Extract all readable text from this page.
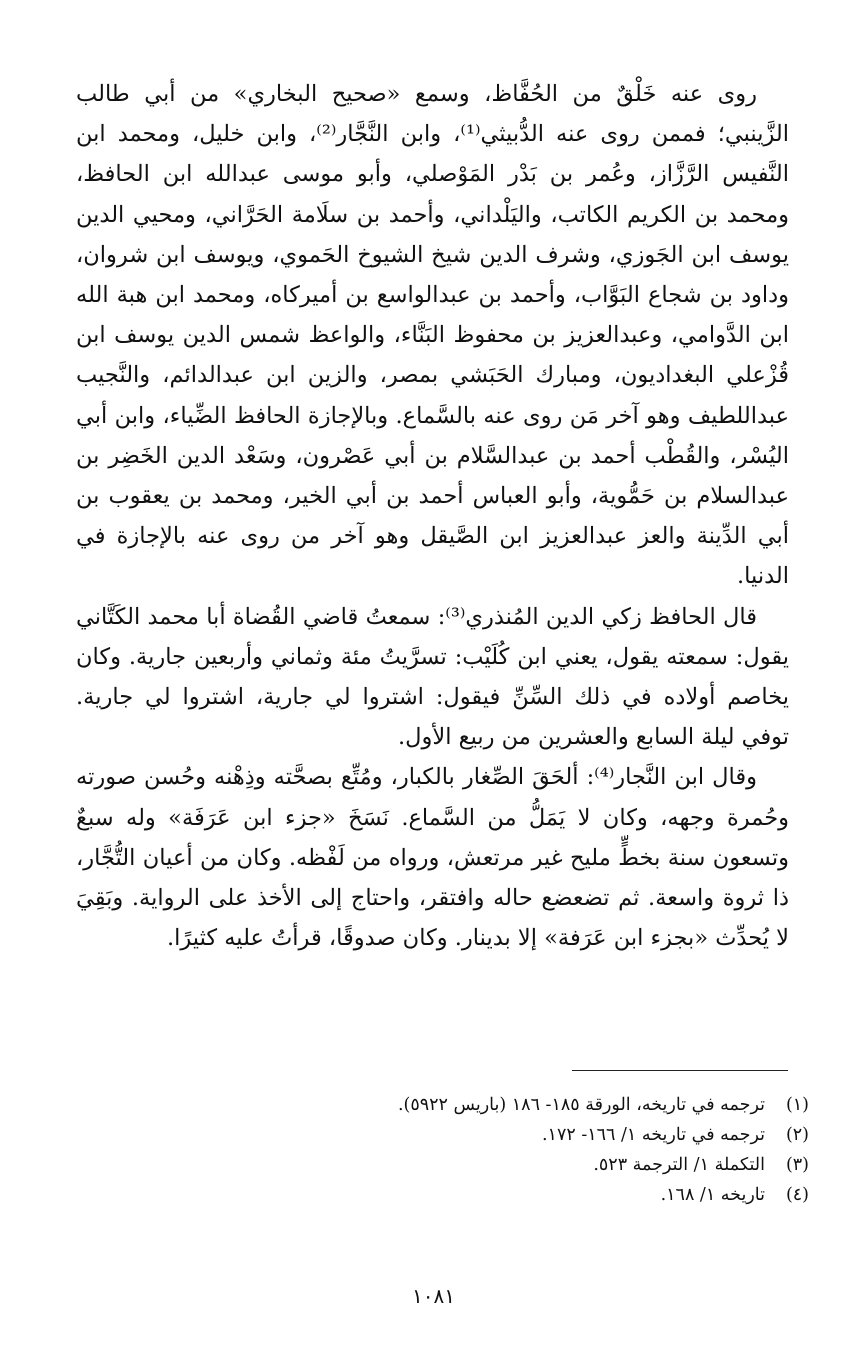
روى عنه خَلْقٌ من الحُفَّاظ، وسمع «صحيح البخاري» من أبي طالب الزَّينبي؛ فممن روى عنه الدُّبيثي⁽¹⁾، وابن النَّجَّار⁽²⁾، وابن خليل، ومحمد ابن النَّفيس الرَّزَّاز، وعُمر بن بَدْر المَوْصلي، وأبو موسى عبدالله ابن الحافظ، ومحمد بن الكريم الكاتب، واليَلْداني، وأحمد بن سلَامة الحَرَّاني، ومحيي الدين يوسف ابن الجَوزي، وشرف الدين شيخ الشيوخ الحَموي، ويوسف ابن شروان، وداود بن شجاع البَوَّاب، وأحمد بن عبدالواسع بن أميركاه، ومحمد ابن هبة الله ابن الدَّوامي، وعبدالعزيز بن محفوظ البَنَّاء، والواعظ شمس الدين يوسف ابن قُزْعلي البغداديون، ومبارك الحَبَشي بمصر، والزين ابن عبدالدائم، والنَّجيب عبداللطيف وهو آخر مَن روى عنه بالسَّماع. وبالإجازة الحافظ الضِّياء، وابن أبي اليُسْر، والقُطْب أحمد بن عبدالسَّلام بن أبي عَصْرون، وسَعْد الدين الخَضِر بن عبدالسلام بن حَمُّوية، وأبو العباس أحمد بن أبي الخير، ومحمد بن يعقوب بن أبي الدِّينة والعز عبدالعزيز ابن الصَّيقل وهو آخر من روى عنه بالإجازة في الدنيا.

قال الحافظ زكي الدين المُنذري⁽³⁾: سمعتُ قاضي القُضاة أبا محمد الكَتَّاني يقول: سمعته يقول، يعني ابن كُلَيْب: تسرَّيتُ مئة وثماني وأربعين جارية. وكان يخاصم أولاده في ذلك السِّنِّ فيقول: اشتروا لي جارية، اشتروا لي جارية. توفي ليلة السابع والعشرين من ربيع الأول.

وقال ابن النَّجار⁽⁴⁾: ألحَقَ الصِّغار بالكبار، ومُتِّع بصحَّته وذِهْنه وحُسن صورته وحُمرة وجهه، وكان لا يَمَلُّ من السَّماع. نَسَخَ «جزء ابن عَرَفَة» وله سبعٌ وتسعون سنة بخطٍّ مليح غير مرتعش، ورواه من لَفْظه. وكان من أعيان التُّجَّار، ذا ثروة واسعة. ثم تضعضع حاله وافتقر، واحتاج إلى الأخذ على الرواية. وبَقِيَ لا يُحدِّث «بجزء ابن عَرَفة» إلا بدينار. وكان صدوقًا، قرأتُ عليه كثيرًا.

(١)
ترجمه في تاريخه، الورقة ١٨٥- ١٨٦ (باريس ٥٩٢٢).
(٢)
ترجمه في تاريخه ١/ ١٦٦- ١٧٢.
(٣)
التكملة ١/ الترجمة ٥٢٣.
(٤)
تاريخه ١/ ١٦٨.
١٠٨١
